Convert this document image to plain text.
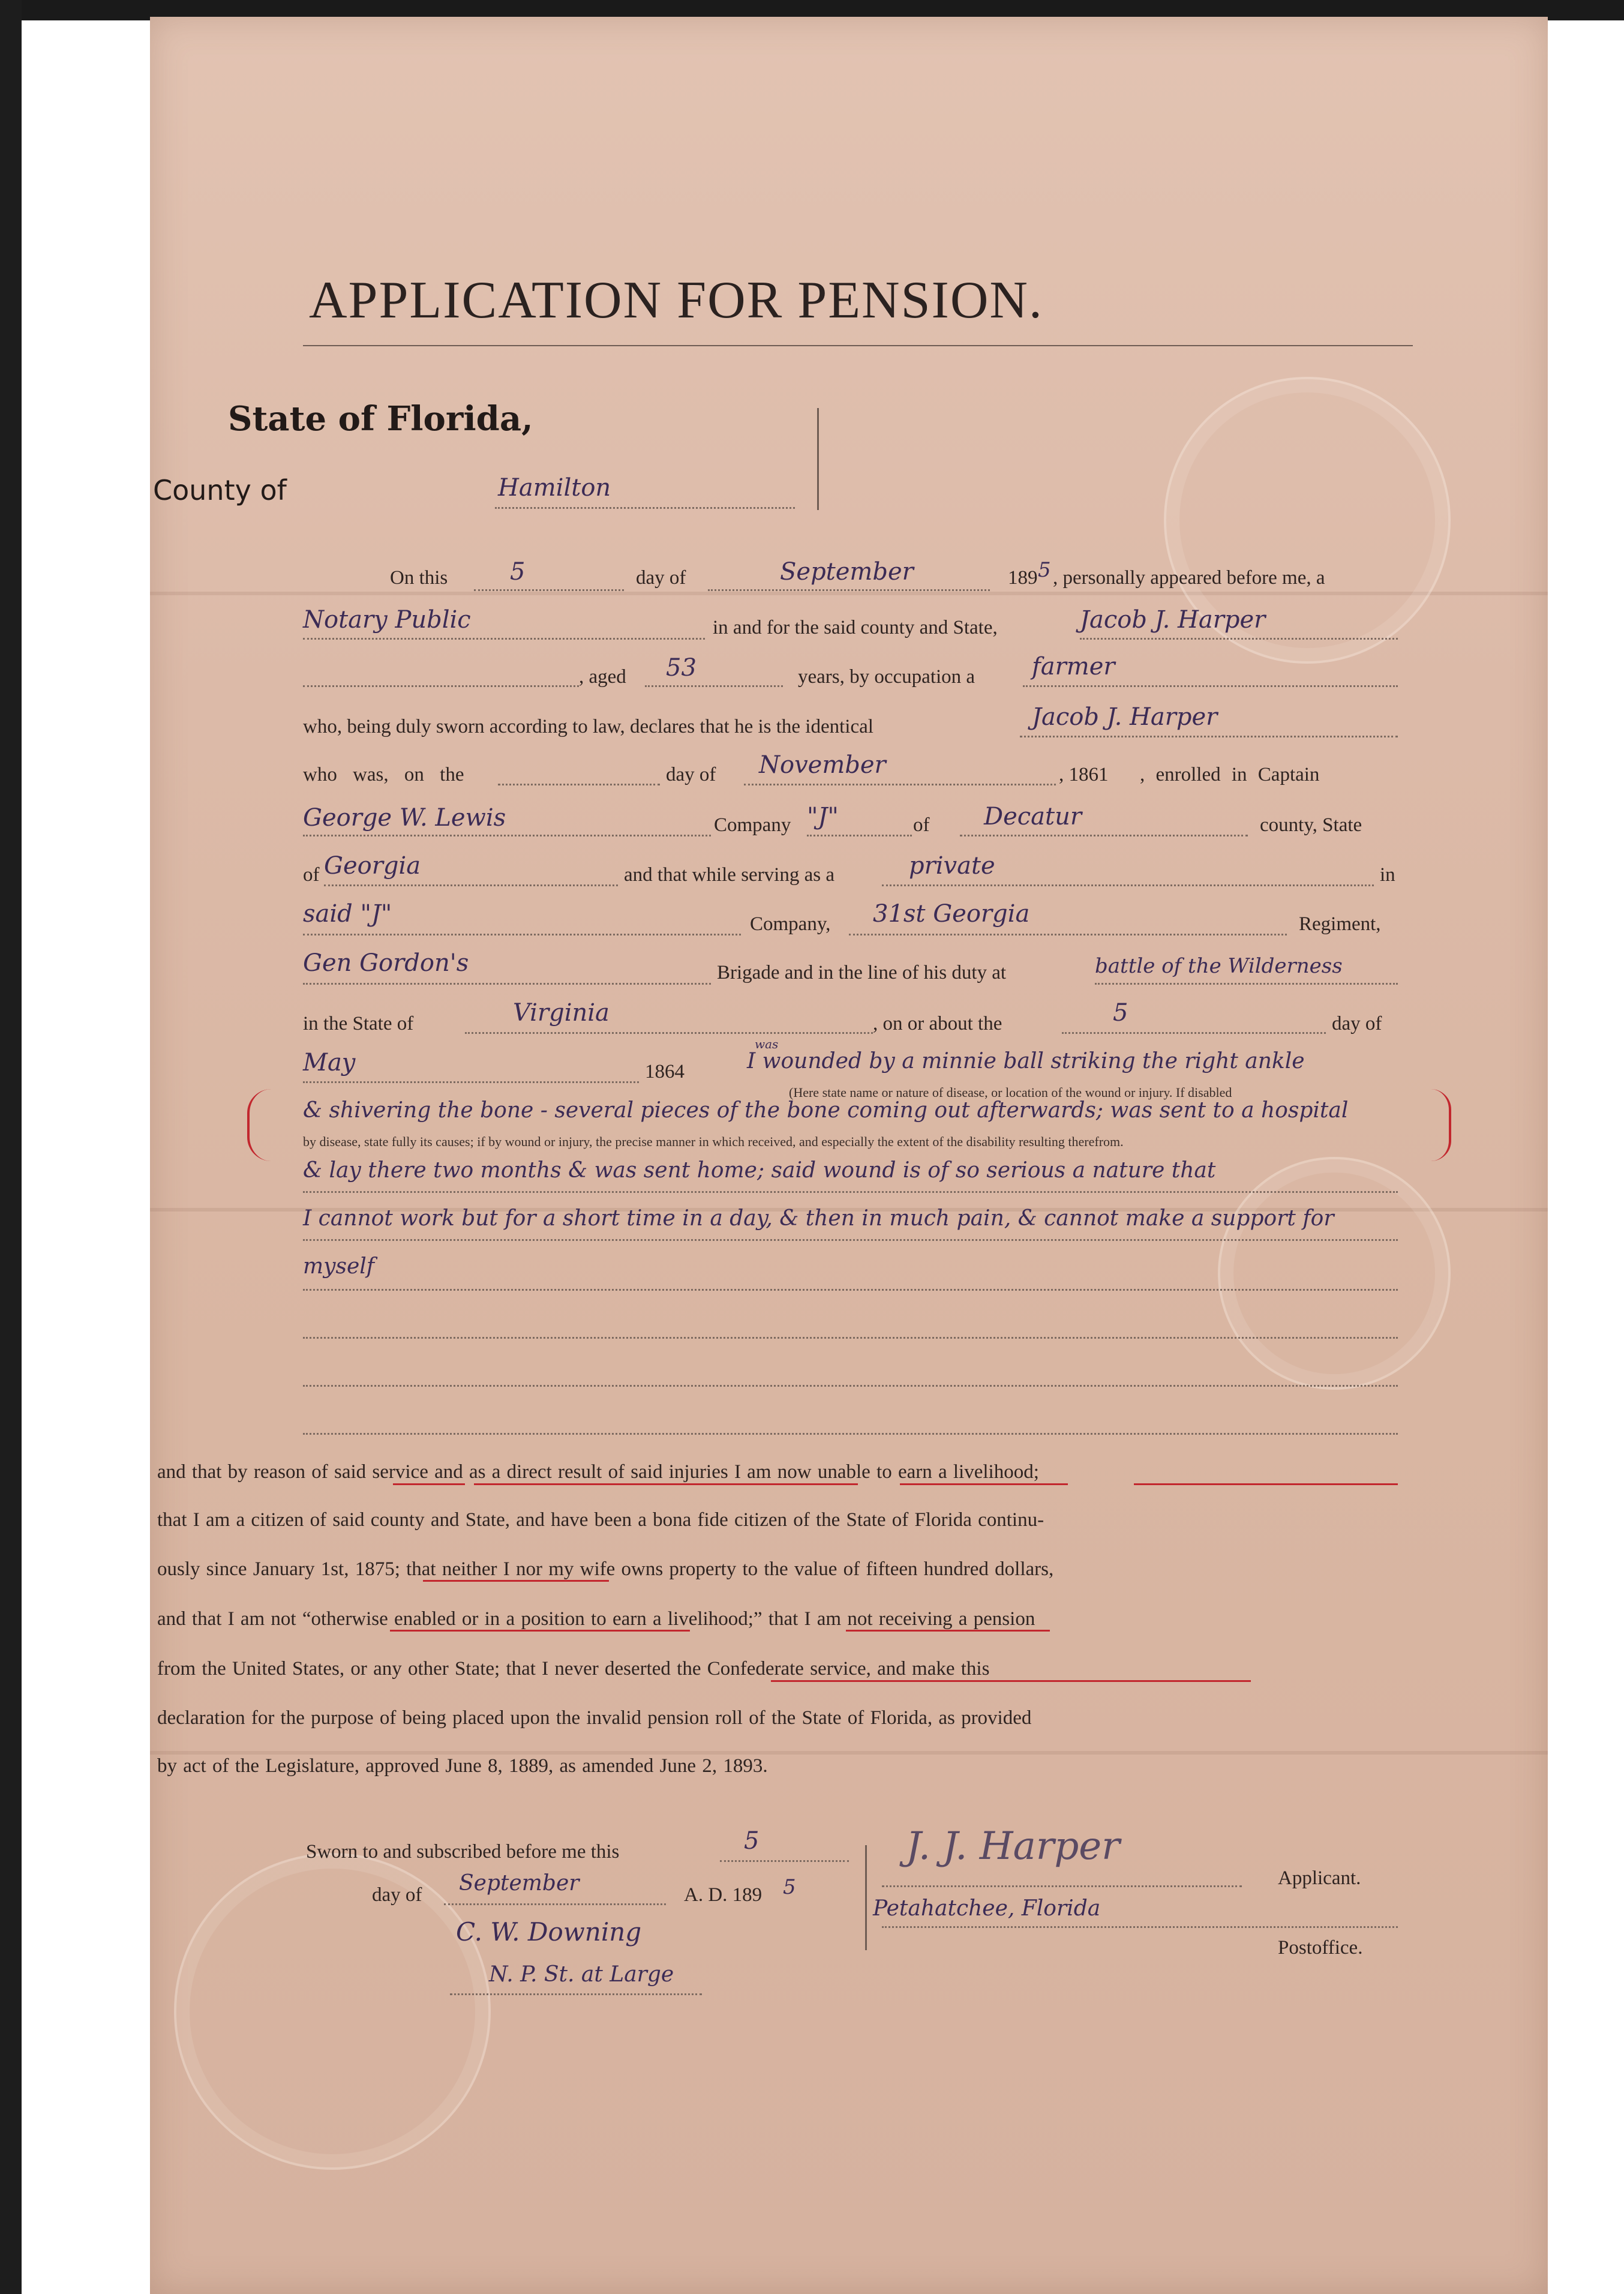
APPLICATION FOR PENSION.
State of Florida,
County of	Hamilton
On this	5	day of	September	189 5 , personally appeared before me, a
Notary Public	in and for the said county and State,	Jacob J. Harper
, aged 53	years, by occupation a farmer
who, being duly sworn according to law, declares that he is the identical	Jacob J. Harper
who was, on the	day of November	, 1861 , enrolled in Captain
George W. Lewis	Company "J"	of Decatur	county, State
of Georgia	and that while serving as a	private	in
said "J"	Company, 31st Georgia	Regiment,
Gen Gordon's	Brigade and in the line of his duty at	battle of the Wilderness
in the State of	Virginia	, on or about the	5	day of
May	1864
was
I wounded by a minnie ball striking the right ankle
(Here state name or nature of disease, or location of the wound or injury. If disabled
& shivering the bone - several pieces of the bone coming out afterwards; was sent to a hospital
by disease, state fully its causes; if by wound or injury, the precise manner in which received, and especially the extent of the disability resulting therefrom.
& lay there two months & was sent home; said wound is of so serious a nature that
I cannot work but for a short time in a day, & then in much pain, & cannot make a support for
myself
and that by reason of said service and as a direct result of said injuries I am now unable to earn a livelihood;
that I am a citizen of said county and State, and have been a bona fide citizen of the State of Florida continu-
ously since January 1st, 1875; that neither I nor my wife owns property to the value of fifteen hundred dollars,
and that I am not “otherwise enabled or in a position to earn a livelihood;” that I am not receiving a pension
from the United States, or any other State; that I never deserted the Confederate service, and make this
declaration for the purpose of being placed upon the invalid pension roll of the State of Florida, as provided
by act of the Legislature, approved June 8, 1889, as amended June 2, 1893.
Sworn to and subscribed before me this	5
day of September	A. D. 189 5
C. W. Downing
N. P. St. at Large
J. J. Harper
Applicant.
Petahatchee, Florida
Postoffice.
